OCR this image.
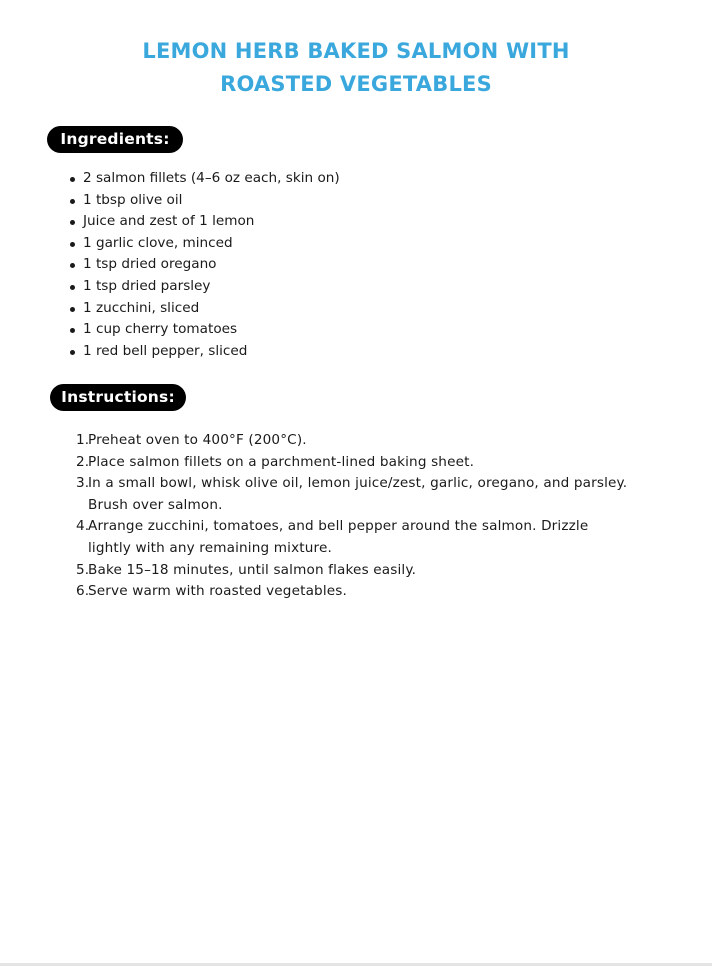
LEMON HERB BAKED SALMON WITH
ROASTED VEGETABLES
Ingredients:
2 salmon fillets (4–6 oz each, skin on)
1 tbsp olive oil
Juice and zest of 1 lemon
1 garlic clove, minced
1 tsp dried oregano
1 tsp dried parsley
1 zucchini, sliced
1 cup cherry tomatoes
1 red bell pepper, sliced
Instructions:
1.
Preheat oven to 400°F (200°C).
2.
Place salmon fillets on a parchment-lined baking sheet.
3.
In a small bowl, whisk olive oil, lemon juice/zest, garlic, oregano, and parsley. Brush over salmon.
4.
Arrange zucchini, tomatoes, and bell pepper around the salmon. Drizzle lightly with any remaining mixture.
5.
Bake 15–18 minutes, until salmon flakes easily.
6.
Serve warm with roasted vegetables.
